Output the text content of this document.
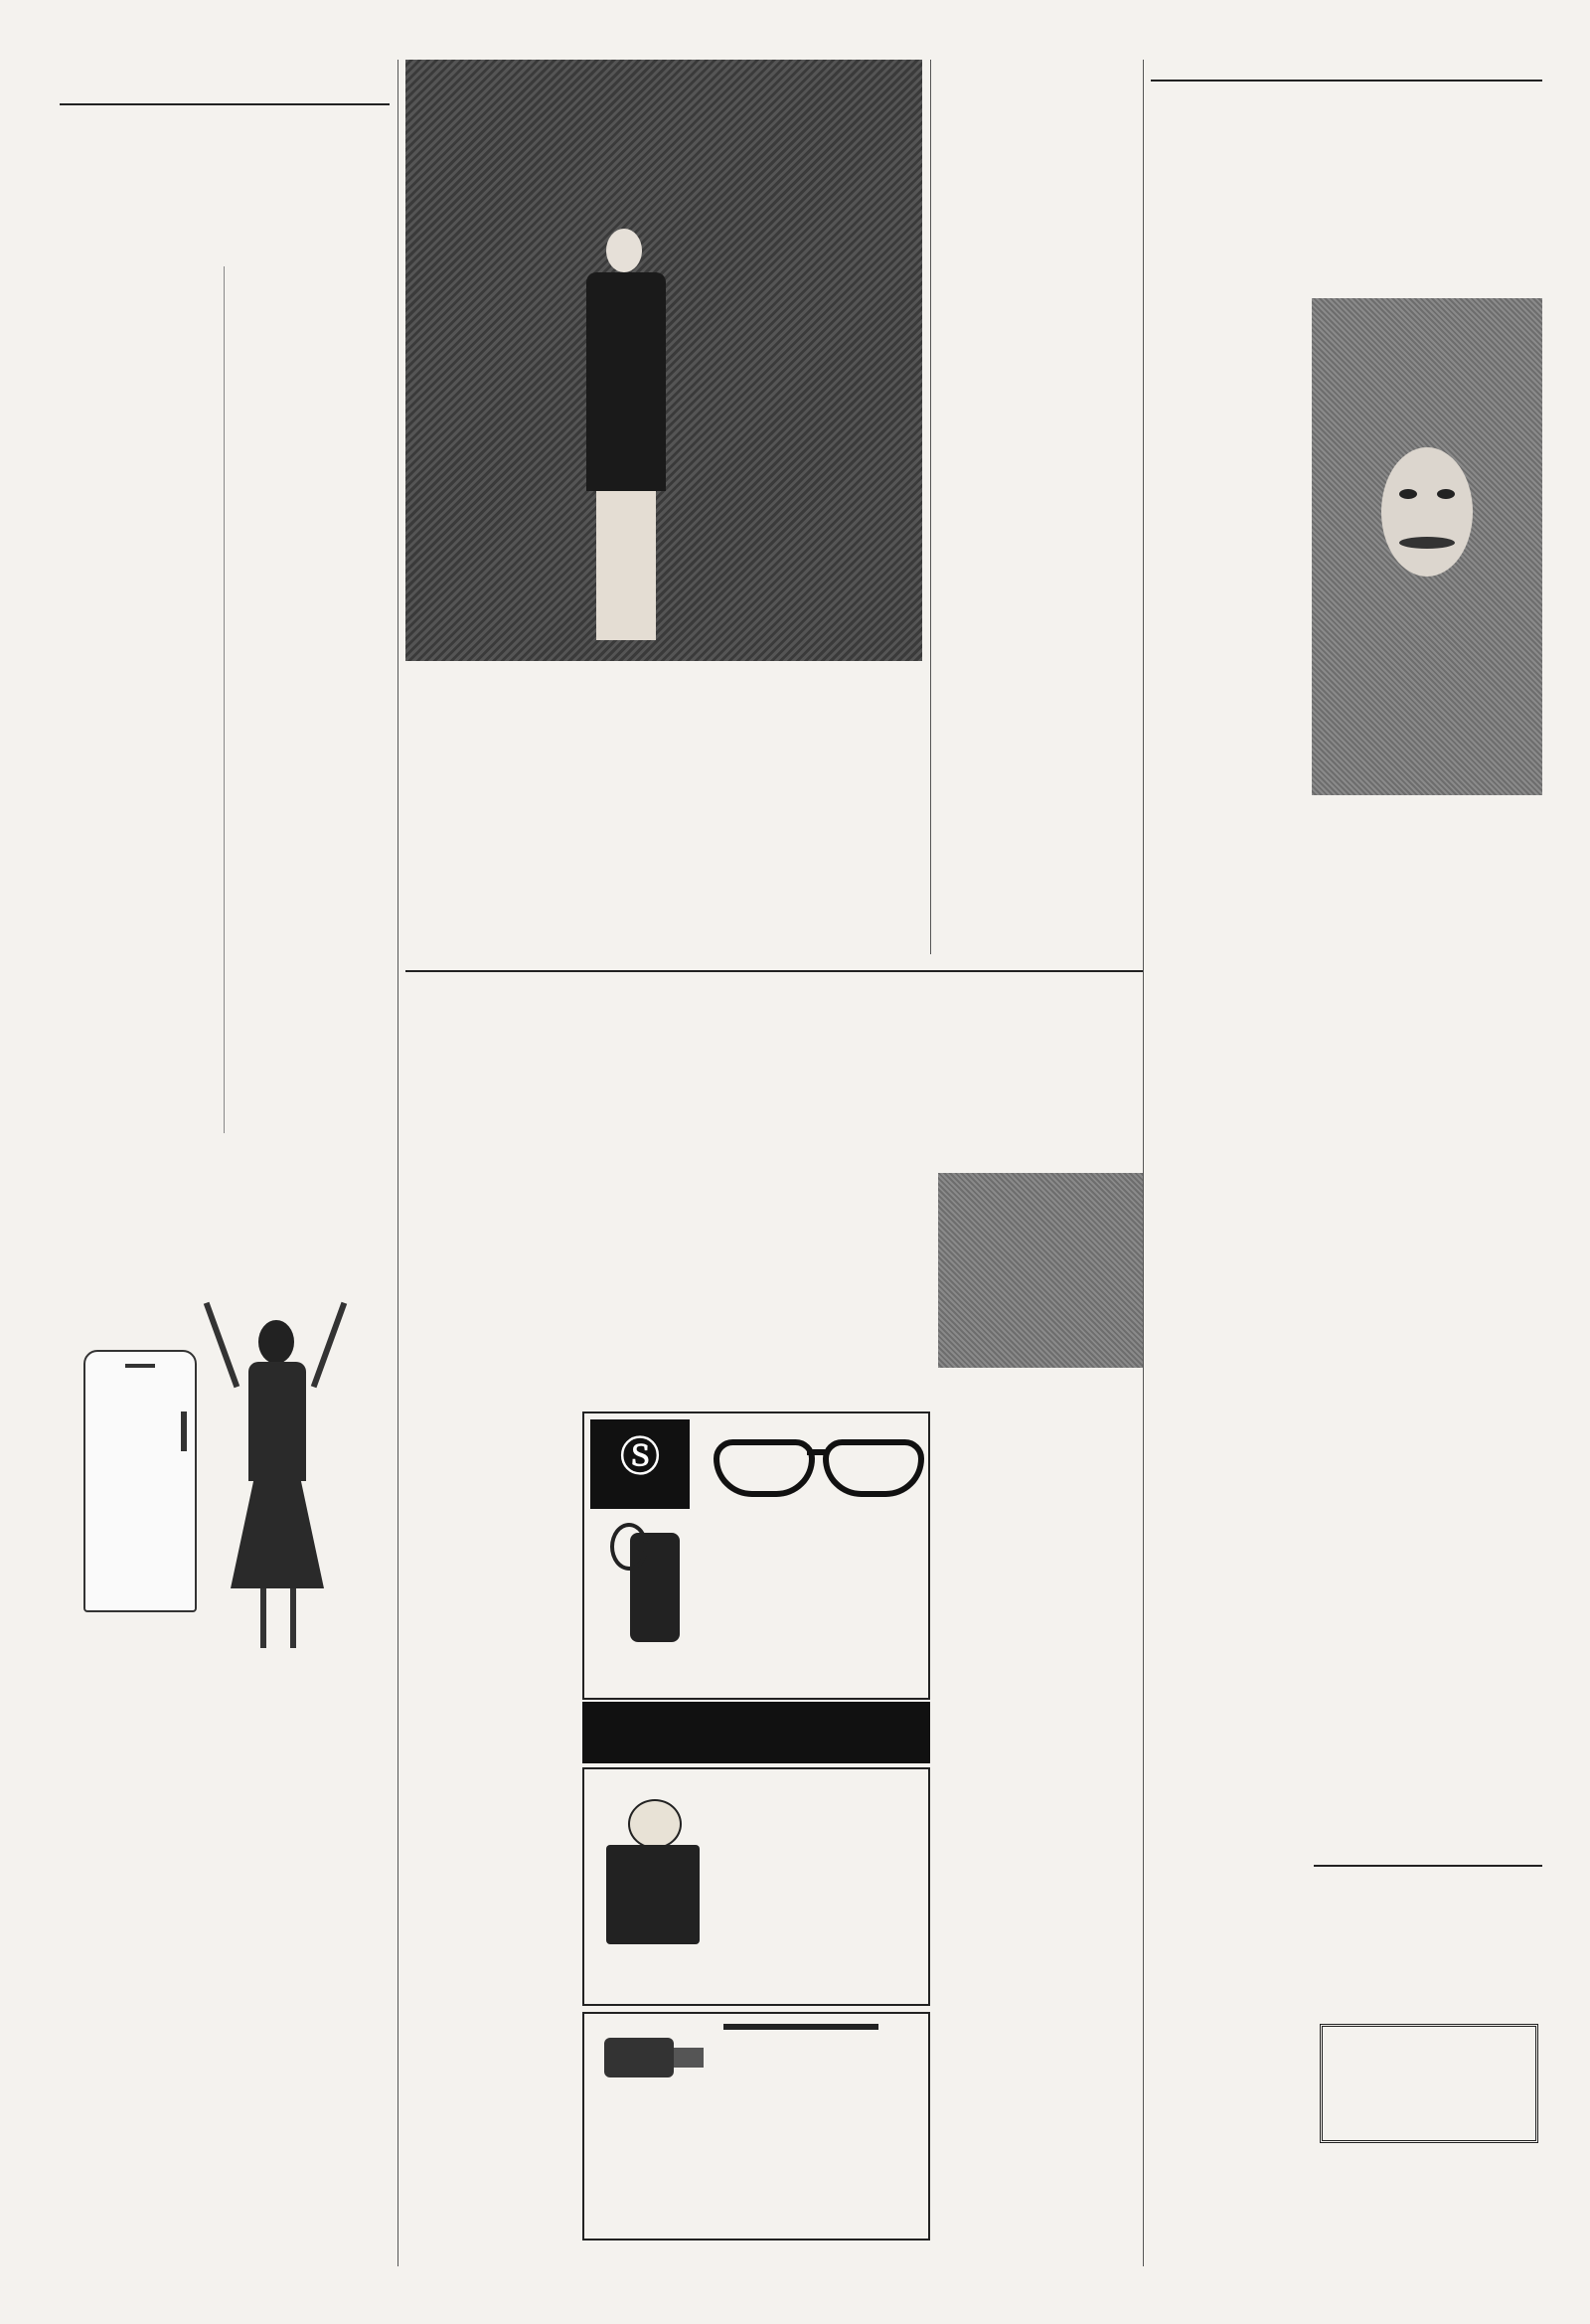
Ⓢ
